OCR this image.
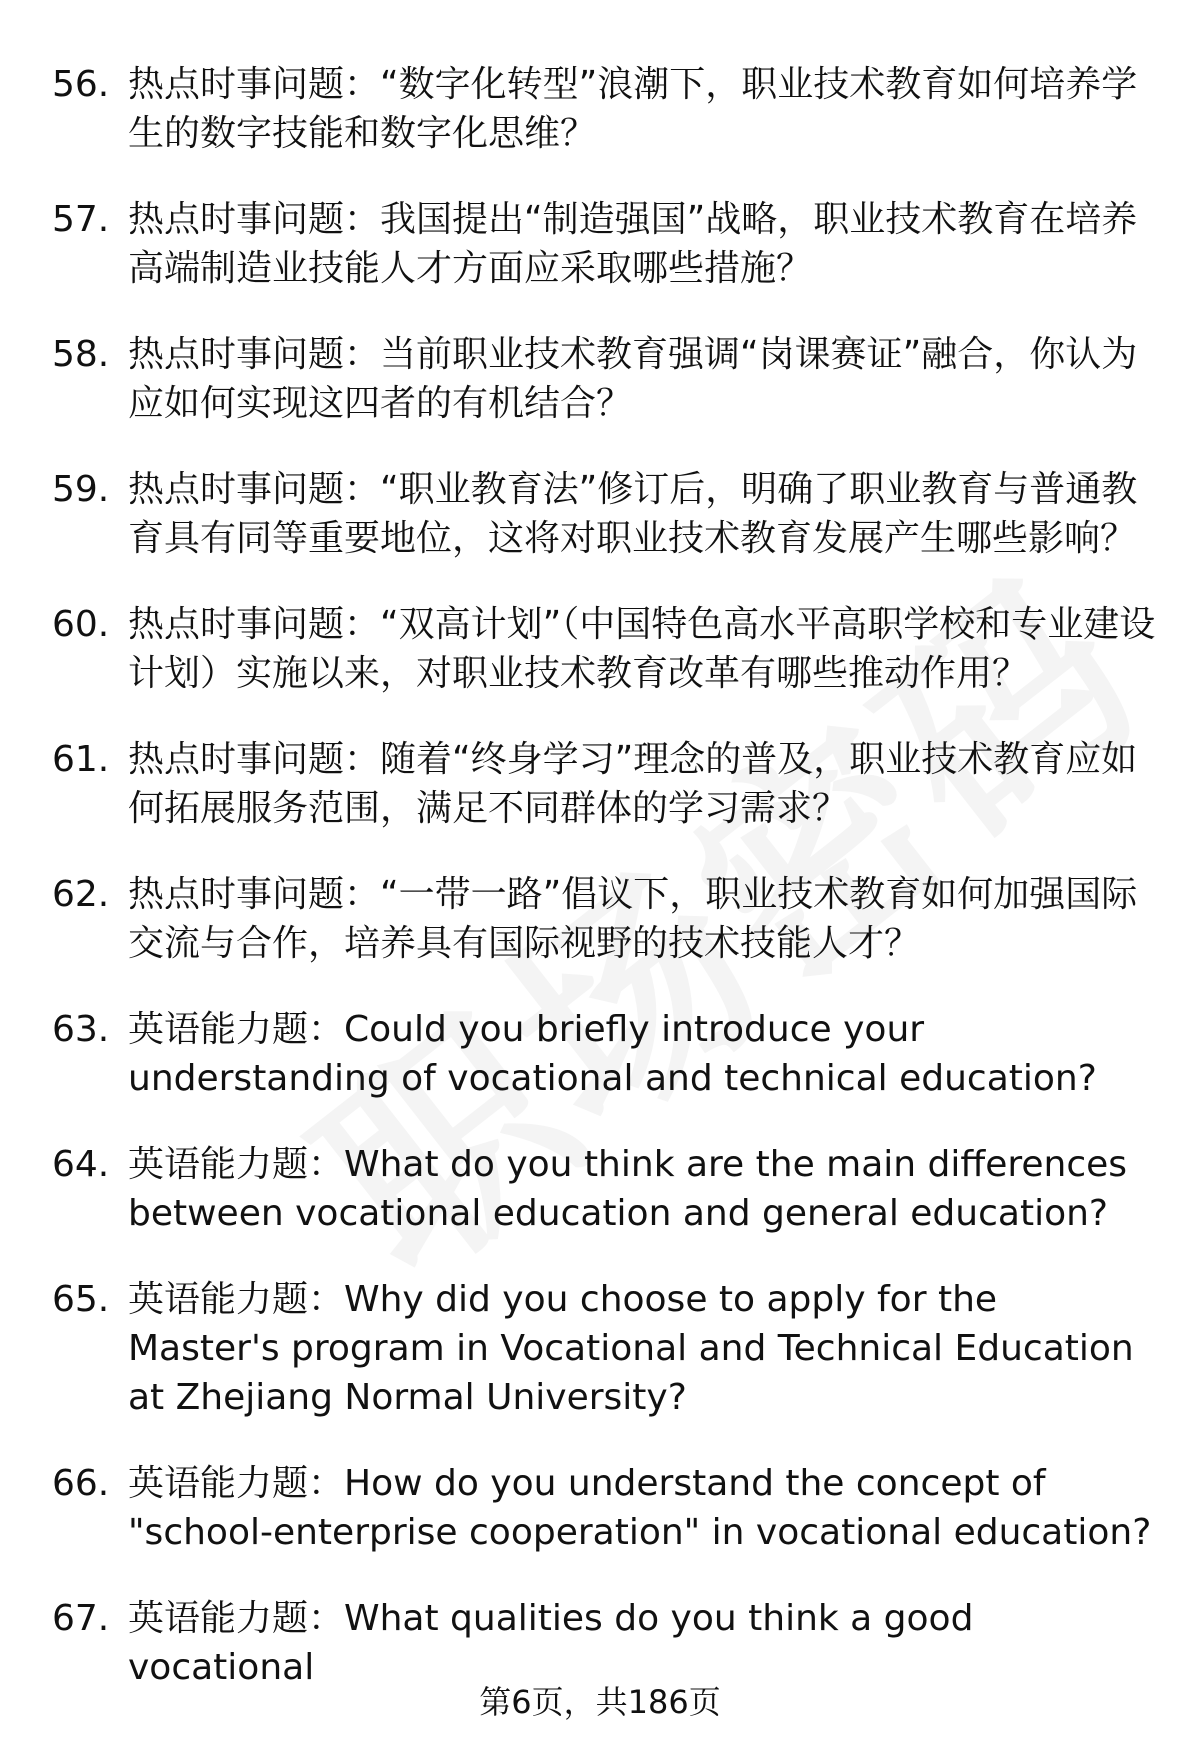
56. 热点时事问题：“数字化转型”浪潮下，职业技术教育如何培养学生的数字技能和数字化思维？
57. 热点时事问题：我国提出“制造强国”战略，职业技术教育在培养高端制造业技能人才方面应采取哪些措施？
58. 热点时事问题：当前职业技术教育强调“岗课赛证”融合，你认为应如何实现这四者的有机结合？
59. 热点时事问题：“职业教育法”修订后，明确了职业教育与普通教育具有同等重要地位，这将对职业技术教育发展产生哪些影响？
60. 热点时事问题：“双高计划”（中国特色高水平高职学校和专业建设计划）实施以来，对职业技术教育改革有哪些推动作用？
61. 热点时事问题：随着“终身学习”理念的普及，职业技术教育应如何拓展服务范围，满足不同群体的学习需求？
62. 热点时事问题：“一带一路”倡议下，职业技术教育如何加强国际交流与合作，培养具有国际视野的技术技能人才？
63. 英语能力题：Could you briefly introduce your understanding of vocational and technical education?
64. 英语能力题：What do you think are the main differences between vocational education and general education?
65. 英语能力题：Why did you choose to apply for the Master's program in Vocational and Technical Education at Zhejiang Normal University?
66. 英语能力题：How do you understand the concept of "school-enterprise cooperation" in vocational education?
67. 英语能力题：What qualities do you think a good vocational
第6页，共186页
